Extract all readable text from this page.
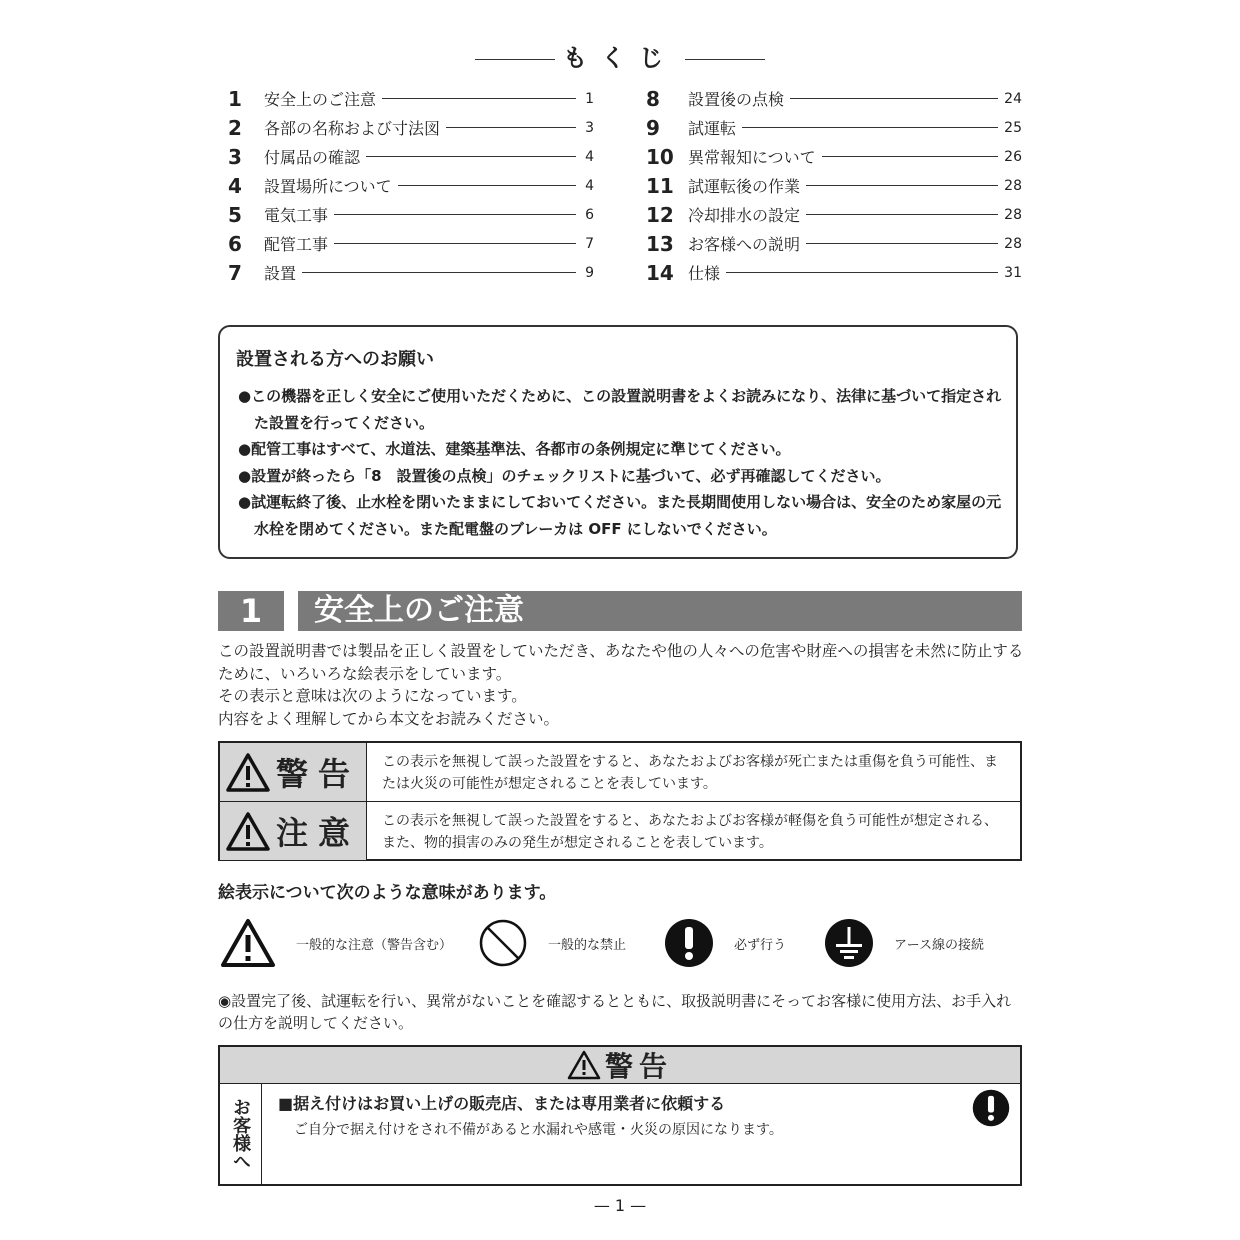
もくじ
1	安全上のご注意	1
2	各部の名称および寸法図	3
3	付属品の確認	4
4	設置場所について	4
5	電気工事	6
6	配管工事	7
7	設置	9
8	設置後の点検	24
9	試運転	25
10 異常報知について	26
11 試運転後の作業	28
12 冷却排水の設定	28
13 お客様への説明	28
14 仕様	31
設置される方へのお願い
●この機器を正しく安全にご使用いただくために、この設置説明書をよくお読みになり、法律に基づいて指定された設置を行ってください。
●配管工事はすべて、水道法、建築基準法、各都市の条例規定に準じてください。
●設置が終ったら「8　設置後の点検」のチェックリストに基づいて、必ず再確認してください。
●試運転終了後、止水栓を閉いたままにしておいてください。また長期間使用しない場合は、安全のため家屋の元水栓を閉めてください。また配電盤のブレーカは OFF にしないでください。
1	安全上のご注意
この設置説明書では製品を正しく設置をしていただき、あなたや他の人々への危害や財産への損害を未然に防止するために、いろいろな絵表示をしています。
その表示と意味は次のようになっています。
内容をよく理解してから本文をお読みください。
警告 この表示を無視して誤った設置をすると、あなたおよびお客様が死亡または重傷を負う可能性、または火災の可能性が想定されることを表しています。
注意 この表示を無視して誤った設置をすると、あなたおよびお客様が軽傷を負う可能性が想定される、また、物的損害のみの発生が想定されることを表しています。
絵表示について次のような意味があります。
一般的な注意（警告含む）	一般的な禁止	必ず行う	アース線の接続
◉設置完了後、試運転を行い、異常がないことを確認するとともに、取扱説明書にそってお客様に使用方法、お手入れの仕方を説明してください。
警告
お客様へ	■据え付けはお買い上げの販売店、または専用業者に依頼する
ご自分で据え付けをされ不備があると水漏れや感電・火災の原因になります。
— 1 —
